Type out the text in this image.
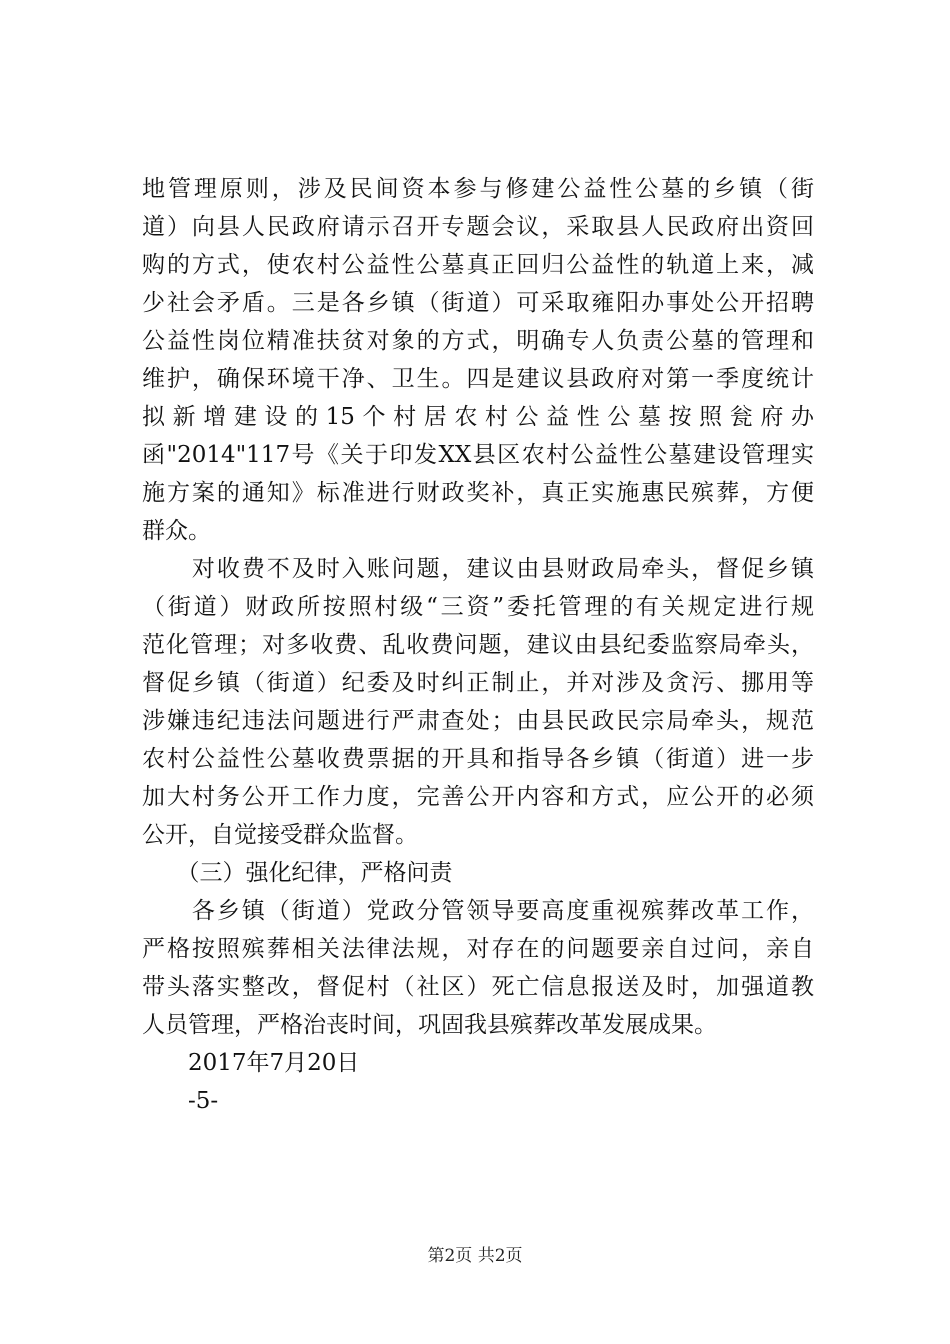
地管理原则，涉及民间资本参与修建公益性公墓的乡镇（街
道）向县人民政府请示召开专题会议，采取县人民政府出资回
购的方式，使农村公益性公墓真正回归公益性的轨道上来，减
少社会矛盾。三是各乡镇（街道）可采取雍阳办事处公开招聘
公益性岗位精准扶贫对象的方式，明确专人负责公墓的管理和
维护，确保环境干净、卫生。四是建议县政府对第一季度统计
拟新增建设的15个村居农村公益性公墓按照瓮府办
函"2014"117号《关于印发XX县区农村公益性公墓建设管理实
施方案的通知》标准进行财政奖补，真正实施惠民殡葬，方便
群众。
　　对收费不及时入账问题，建议由县财政局牵头，督促乡镇
（街道）财政所按照村级“三资”委托管理的有关规定进行规
范化管理；对多收费、乱收费问题，建议由县纪委监察局牵头，
督促乡镇（街道）纪委及时纠正制止，并对涉及贪污、挪用等
涉嫌违纪违法问题进行严肃查处；由县民政民宗局牵头，规范
农村公益性公墓收费票据的开具和指导各乡镇（街道）进一步
加大村务公开工作力度，完善公开内容和方式，应公开的必须
公开，自觉接受群众监督。
　　（三）强化纪律，严格问责
　　各乡镇（街道）党政分管领导要高度重视殡葬改革工作，
严格按照殡葬相关法律法规，对存在的问题要亲自过问，亲自
带头落实整改，督促村（社区）死亡信息报送及时，加强道教
人员管理，严格治丧时间，巩固我县殡葬改革发展成果。
　　2017年7月20日
　　-5-
第2页 共2页
